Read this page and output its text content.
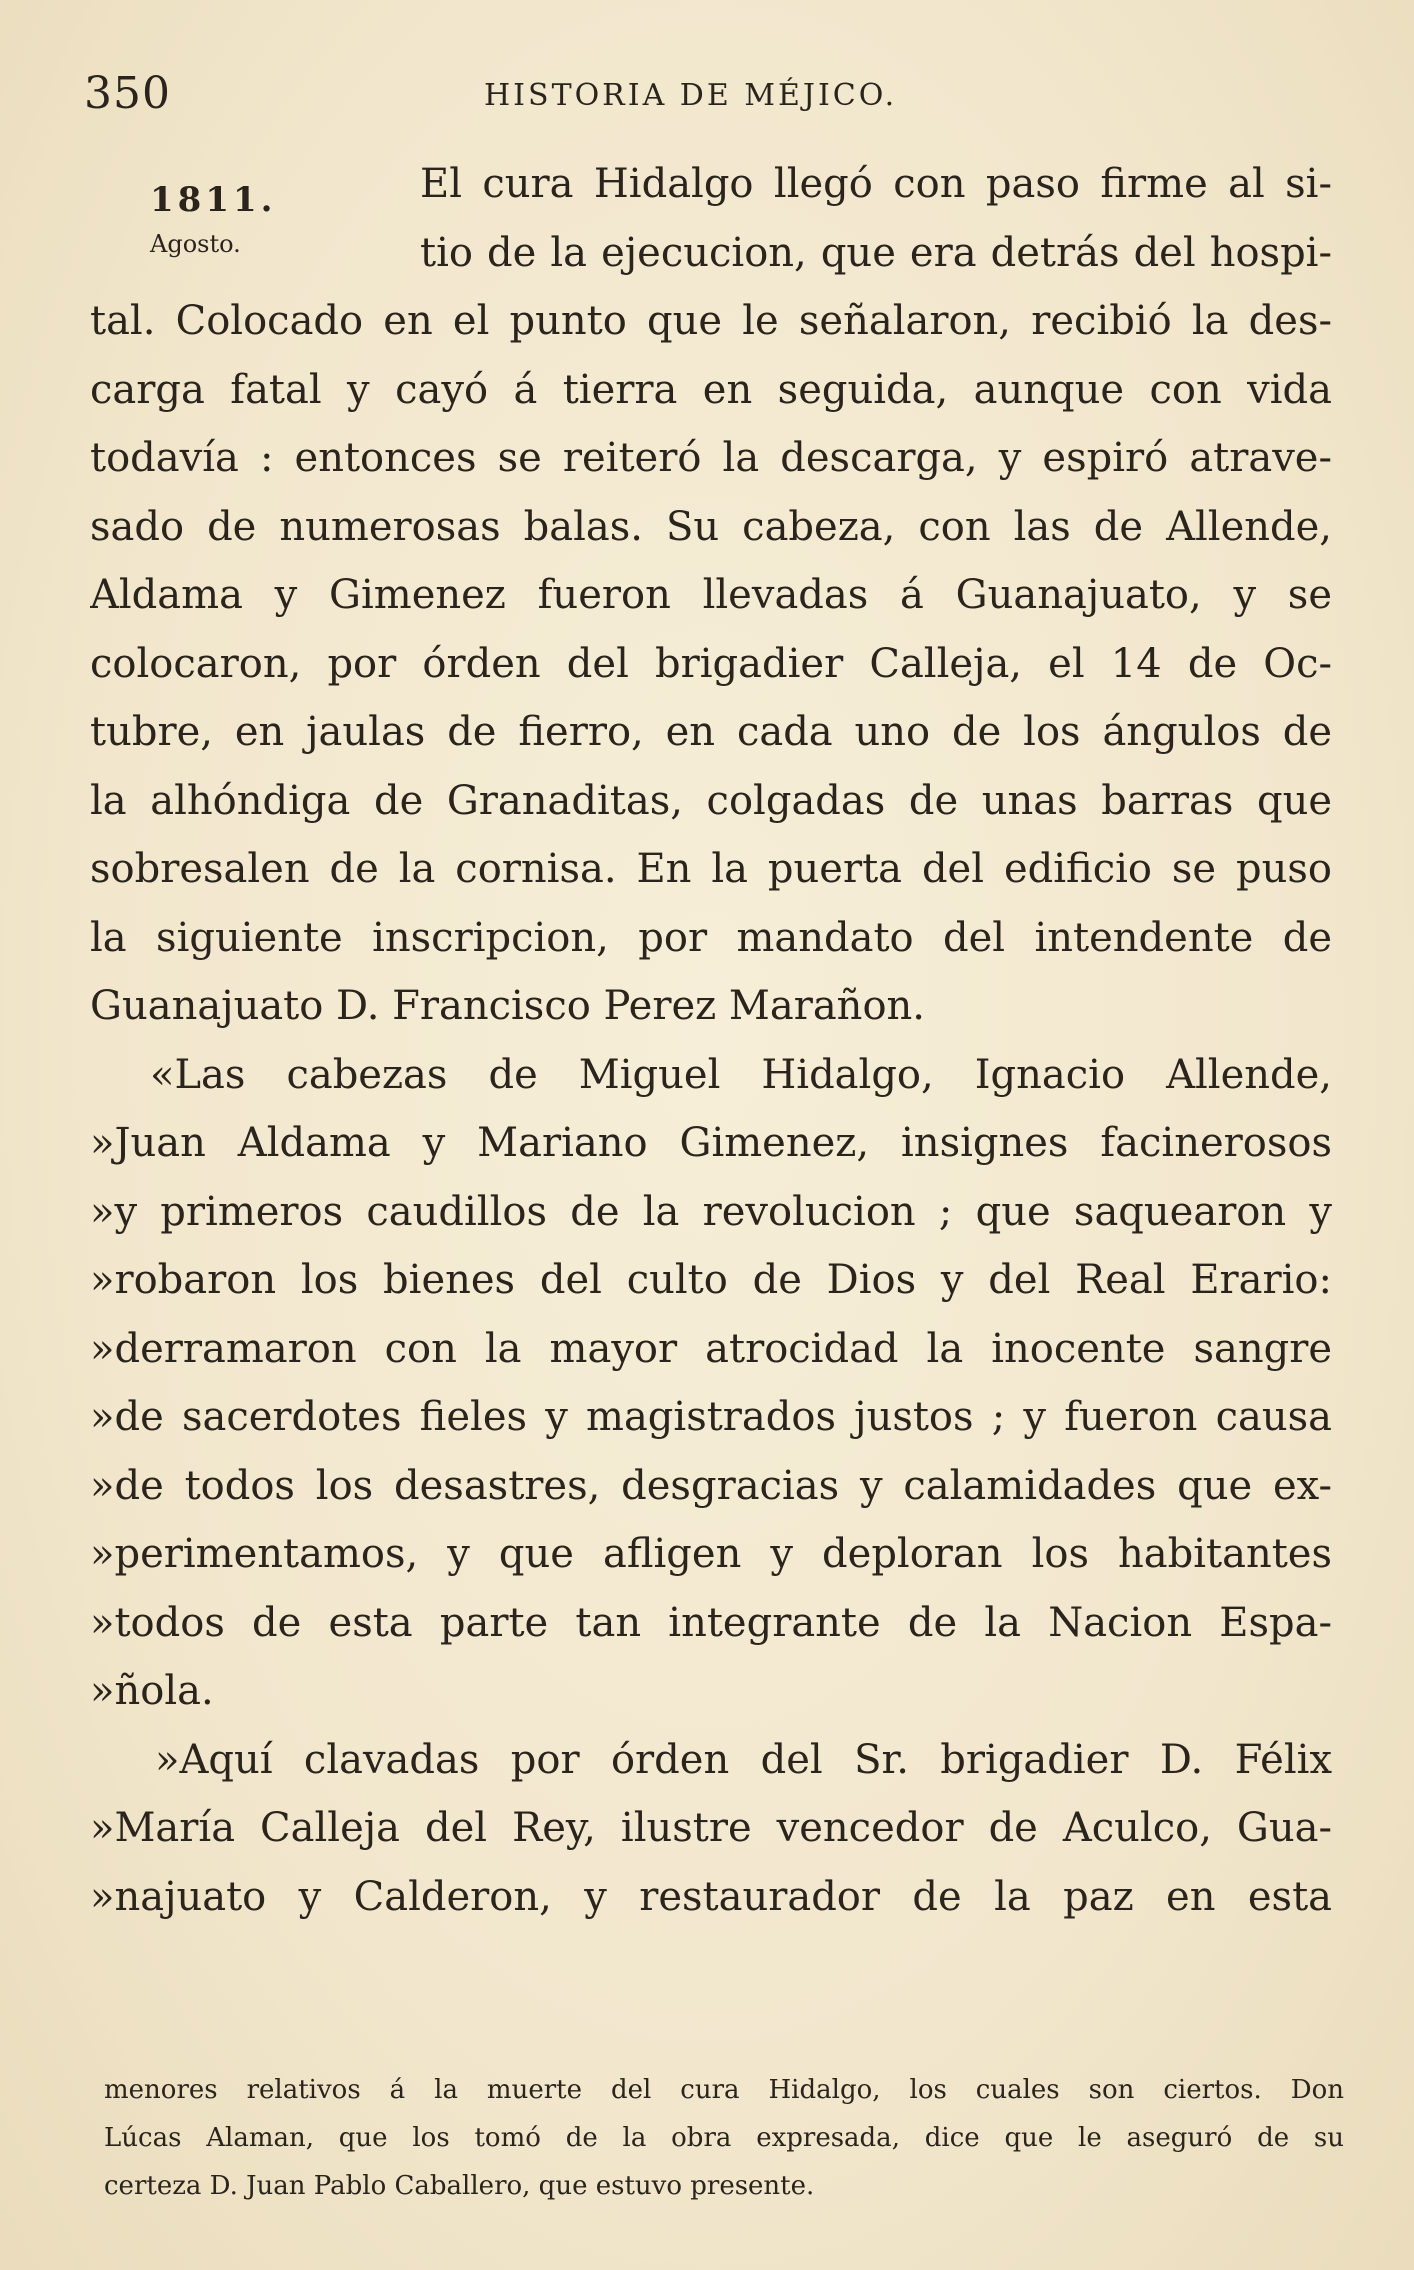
350	HISTORIA DE MÉJICO.
1811.
Agosto.
El cura Hidalgo llegó con paso firme al si-
tio de la ejecucion, que era detrás del hospi-
tal. Colocado en el punto que le señalaron, recibió la des-
carga fatal y cayó á tierra en seguida, aunque con vida
todavía : entonces se reiteró la descarga, y espiró atrave-
sado de numerosas balas. Su cabeza, con las de Allende,
Aldama y Gimenez fueron llevadas á Guanajuato, y se
colocaron, por órden del brigadier Calleja, el 14 de Oc-
tubre, en jaulas de fierro, en cada uno de los ángulos de
la alhóndiga de Granaditas, colgadas de unas barras que
sobresalen de la cornisa. En la puerta del edificio se puso
la siguiente inscripcion, por mandato del intendente de
Guanajuato D. Francisco Perez Marañon.
«Las cabezas de Miguel Hidalgo, Ignacio Allende,
»Juan Aldama y Mariano Gimenez, insignes facinerosos
»y primeros caudillos de la revolucion ; que saquearon y
»robaron los bienes del culto de Dios y del Real Erario:
»derramaron con la mayor atrocidad la inocente sangre
»de sacerdotes fieles y magistrados justos ; y fueron causa
»de todos los desastres, desgracias y calamidades que ex-
»perimentamos, y que afligen y deploran los habitantes
»todos de esta parte tan integrante de la Nacion Espa-
»ñola.
»Aquí clavadas por órden del Sr. brigadier D. Félix
»María Calleja del Rey, ilustre vencedor de Aculco, Gua-
»najuato y Calderon, y restaurador de la paz en esta
menores relativos á la muerte del cura Hidalgo, los cuales son ciertos. Don
Lúcas Alaman, que los tomó de la obra expresada, dice que le aseguró de su
certeza D. Juan Pablo Caballero, que estuvo presente.
